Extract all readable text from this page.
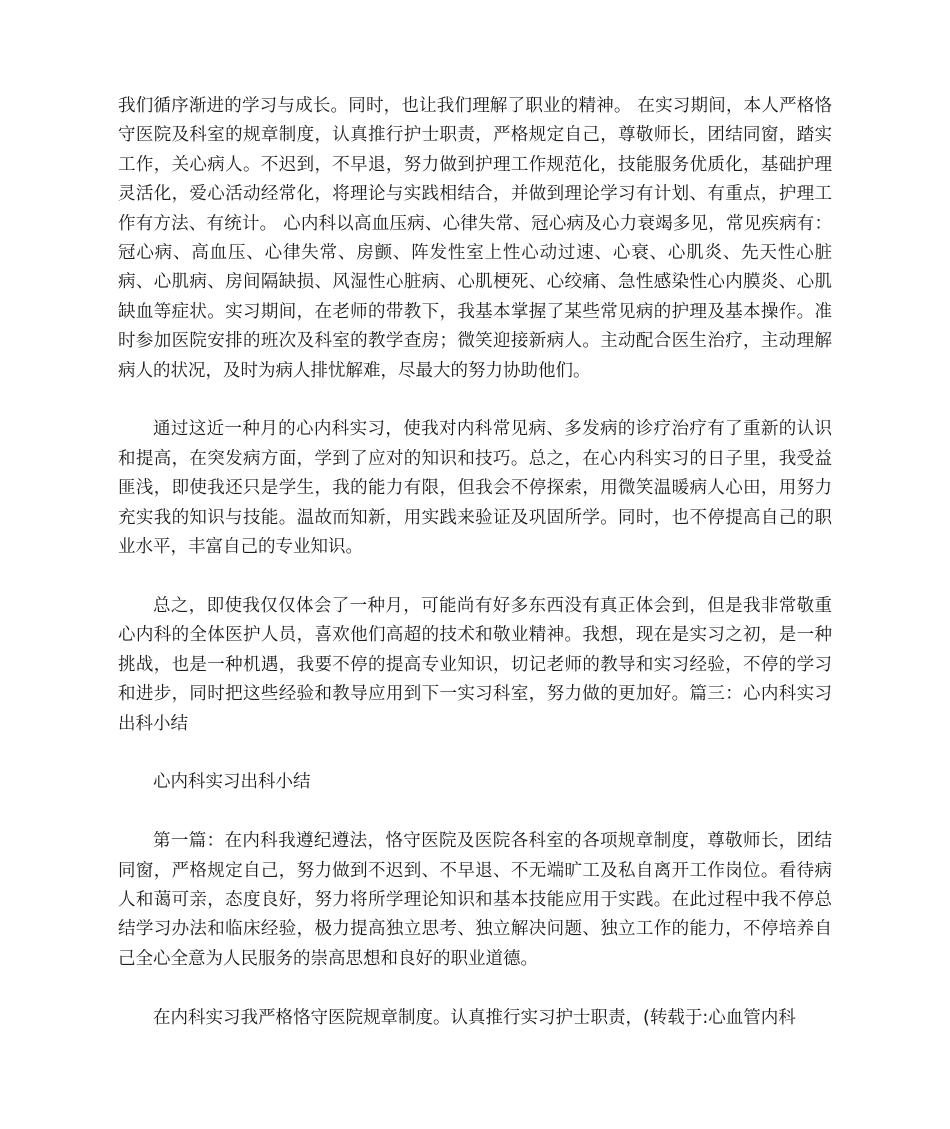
我们循序渐进的学习与成长。同时，也让我们理解了职业的精神。 在实习期间，本人严格恪守医院及科室的规章制度，认真推行护士职责，严格规定自己，尊敬师长，团结同窗，踏实工作，关心病人。不迟到，不早退，努力做到护理工作规范化，技能服务优质化，基础护理灵活化，爱心活动经常化，将理论与实践相结合，并做到理论学习有计划、有重点，护理工作有方法、有统计。 心内科以高血压病、心律失常、冠心病及心力衰竭多见，常见疾病有：冠心病、高血压、心律失常、房颤、阵发性室上性心动过速、心衰、心肌炎、先天性心脏病、心肌病、房间隔缺损、风湿性心脏病、心肌梗死、心绞痛、急性感染性心内膜炎、心肌缺血等症状。实习期间，在老师的带教下，我基本掌握了某些常见病的护理及基本操作。准时参加医院安排的班次及科室的教学查房；微笑迎接新病人。主动配合医生治疗，主动理解病人的状况，及时为病人排忧解难，尽最大的努力协助他们。

通过这近一种月的心内科实习，使我对内科常见病、多发病的诊疗治疗有了重新的认识和提高，在突发病方面，学到了应对的知识和技巧。总之，在心内科实习的日子里，我受益匪浅，即使我还只是学生，我的能力有限，但我会不停探索，用微笑温暖病人心田，用努力充实我的知识与技能。温故而知新，用实践来验证及巩固所学。同时，也不停提高自己的职业水平，丰富自己的专业知识。

总之，即使我仅仅体会了一种月，可能尚有好多东西没有真正体会到，但是我非常敬重心内科的全体医护人员，喜欢他们高超的技术和敬业精神。我想，现在是实习之初，是一种挑战，也是一种机遇，我要不停的提高专业知识，切记老师的教导和实习经验，不停的学习和进步，同时把这些经验和教导应用到下一实习科室，努力做的更加好。篇三：心内科实习出科小结

心内科实习出科小结

第一篇：在内科我遵纪遵法，恪守医院及医院各科室的各项规章制度，尊敬师长，团结同窗，严格规定自己，努力做到不迟到、不早退、不无端旷工及私自离开工作岗位。看待病人和蔼可亲，态度良好，努力将所学理论知识和基本技能应用于实践。在此过程中我不停总结学习办法和临床经验，极力提高独立思考、独立解决问题、独立工作的能力，不停培养自己全心全意为人民服务的崇高思想和良好的职业道德。

在内科实习我严格恪守医院规章制度。认真推行实习护士职责，(转载于:心血管内科
